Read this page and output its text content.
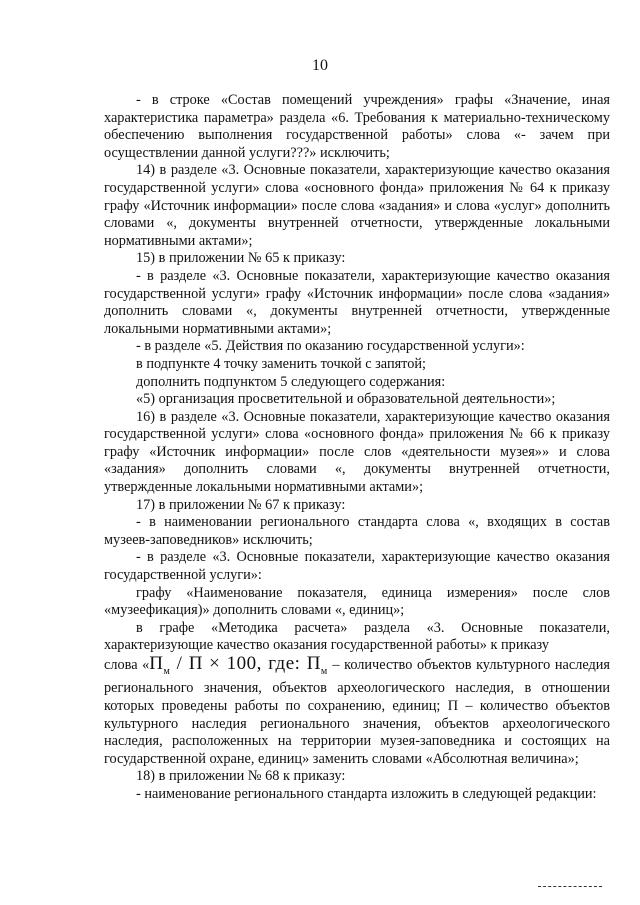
10

- в строке «Состав помещений учреждения» графы «Значение, иная характеристика параметра» раздела «6. Требования к материально-техническому обеспечению выполнения государственной работы» слова «- зачем при осуществлении данной услуги???» исключить;

14) в разделе «3. Основные показатели, характеризующие качество оказания государственной услуги» слова «основного фонда» приложения № 64 к приказу графу «Источник информации» после слова «задания» и слова «услуг» дополнить словами «, документы внутренней отчетности, утвержденные локальными нормативными актами»;

15) в приложении № 65 к приказу:

- в разделе «3. Основные показатели, характеризующие качество оказания государственной услуги» графу «Источник информации» после слова «задания» дополнить словами «, документы внутренней отчетности, утвержденные локальными нормативными актами»;

- в разделе «5. Действия по оказанию государственной услуги»:

в подпункте 4 точку заменить точкой с запятой;

дополнить подпунктом 5 следующего содержания:

«5) организация просветительной и образовательной деятельности»;

16) в разделе «3. Основные показатели, характеризующие качество оказания государственной услуги» слова «основного фонда» приложения № 66 к приказу графу «Источник информации» после слов «деятельности музея»» и слова «задания» дополнить словами «, документы внутренней отчетности, утвержденные локальными нормативными актами»;

17) в приложении № 67 к приказу:

- в наименовании регионального стандарта слова «, входящих в состав музеев-заповедников» исключить;

- в разделе «3. Основные показатели, характеризующие качество оказания государственной услуги»:

графу «Наименование показателя, единица измерения» после слов «музеефикация)» дополнить словами «, единиц»;

в графе «Методика расчета» раздела «3. Основные показатели, характеризующие качество оказания государственной работы» к приказу

слова «$П_м / П \times 100$, где: $П_м$ – количество объектов культурного наследия регионального значения, объектов археологического наследия, в отношении которых проведены работы по сохранению, единиц; П – количество объектов культурного наследия регионального значения, объектов археологического наследия, расположенных на территории музея-заповедника и состоящих на государственной охране, единиц» заменить словами «Абсолютная величина»;

18) в приложении № 68 к приказу:

- наименование регионального стандарта изложить в следующей редакции:
